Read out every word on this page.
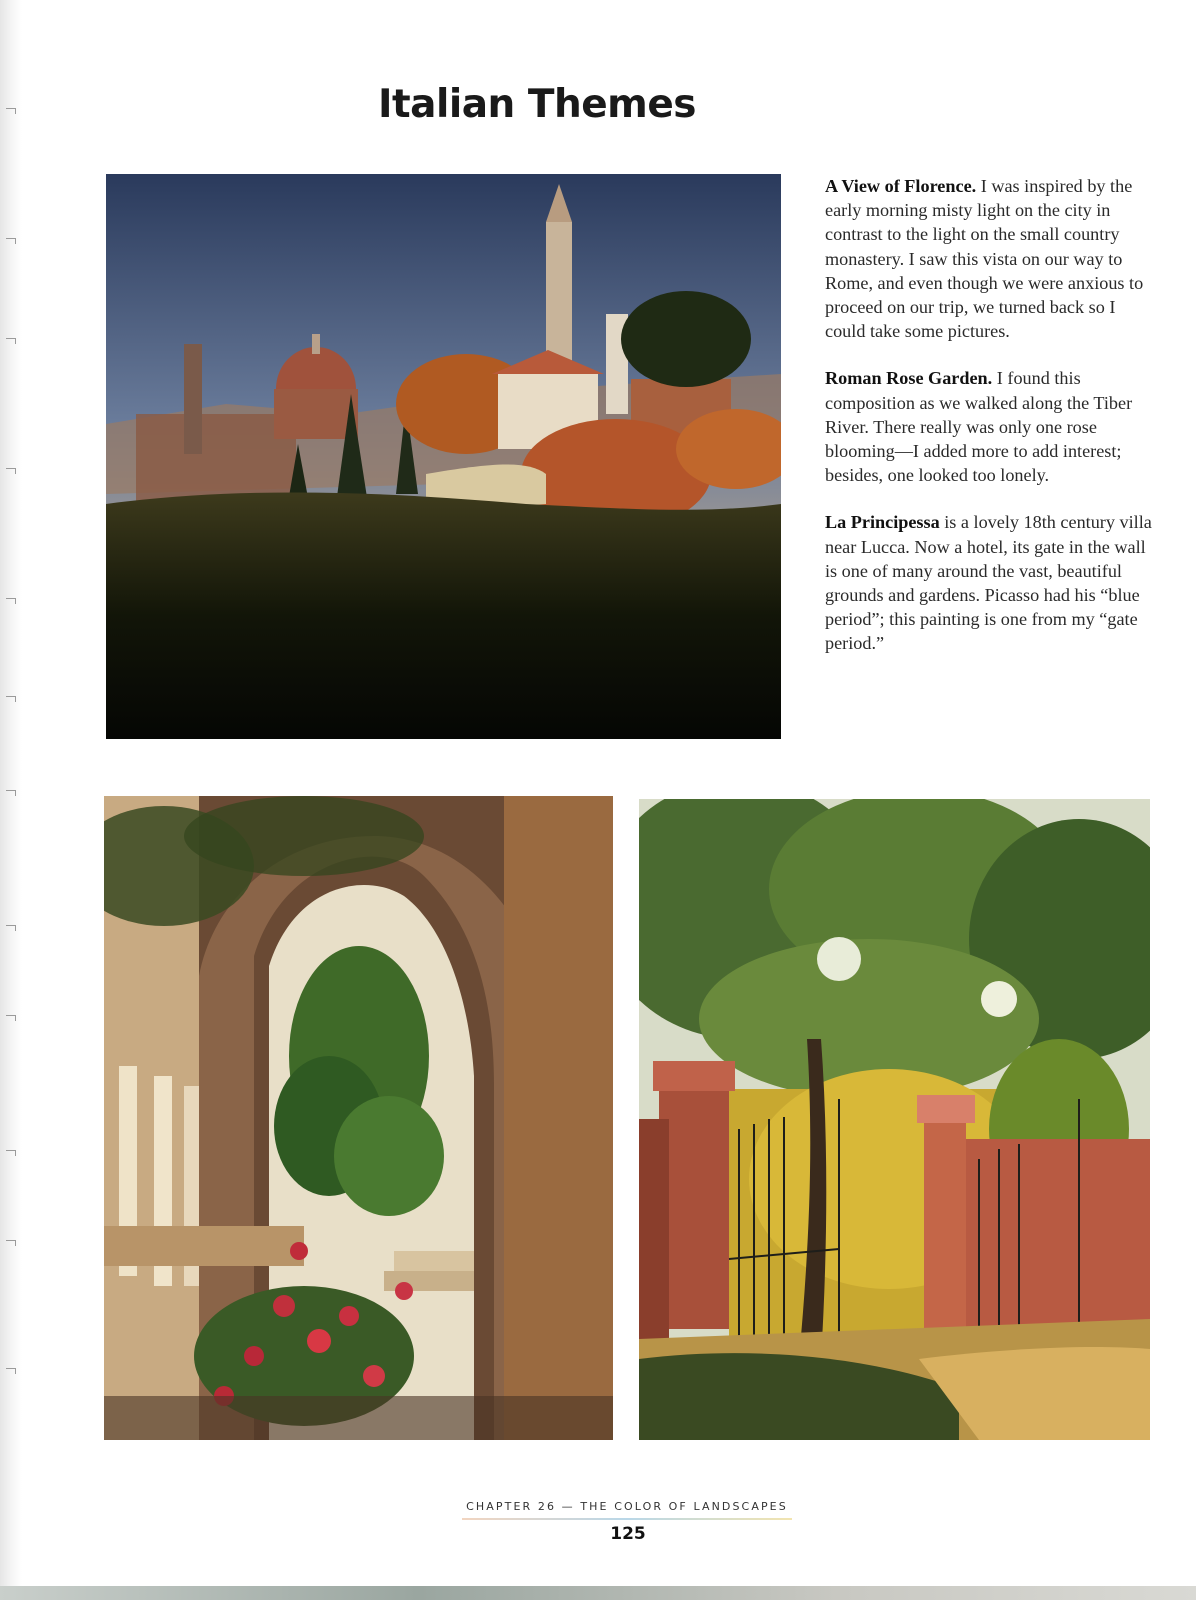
Italian Themes

A View of Florence. I was inspired by the early morning misty light on the city in contrast to the light on the small country monastery. I saw this vista on our way to Rome, and even though we were anxious to proceed on our trip, we turned back so I could take some pictures.

Roman Rose Garden. I found this composition as we walked along the Tiber River. There really was only one rose blooming—I added more to add interest; besides, one looked too lonely.

La Principessa is a lovely 18th century villa near Lucca. Now a hotel, its gate in the wall is one of many around the vast, beautiful grounds and gardens. Picasso had his “blue period”; this painting is one from my “gate period.”

CHAPTER 26 — THE COLOR OF LANDSCAPES
125
